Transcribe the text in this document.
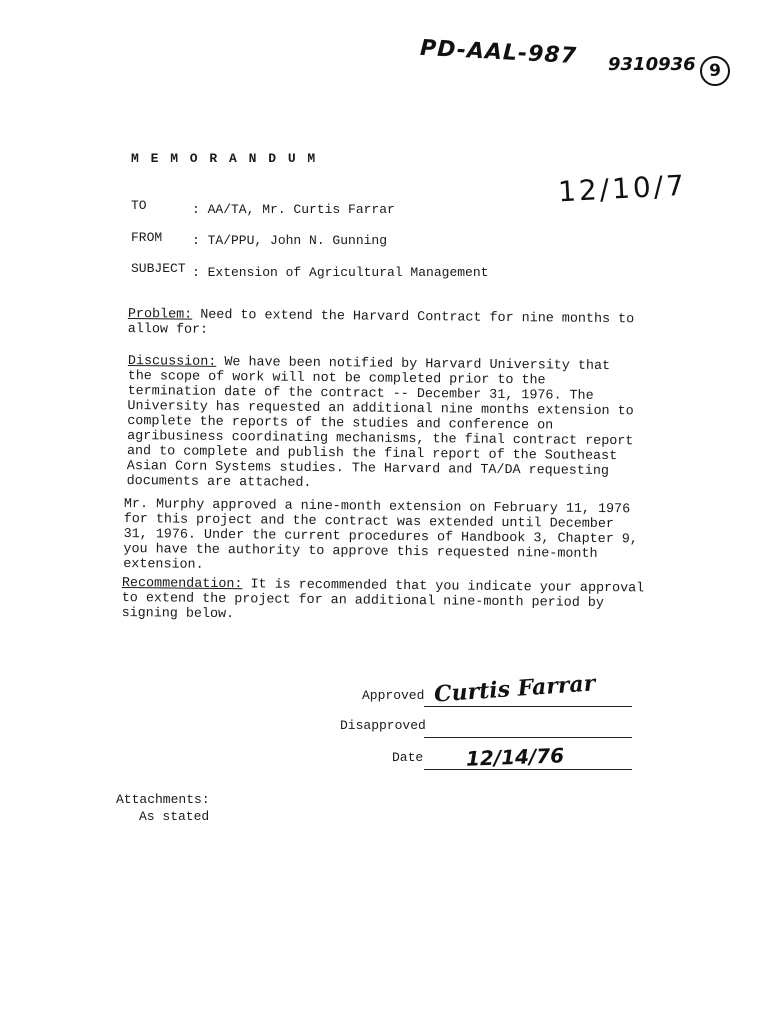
PD-AAL-987 9310936 9
12/10/7
M E M O R A N D U M
TO	: AA/TA, Mr. Curtis Farrar
FROM : TA/PPU, John N. Gunning
SUBJECT : Extension of Agricultural Management
Problem: Need to extend the Harvard Contract for nine months to allow for:
Discussion: We have been notified by Harvard University that the scope of work will not be completed prior to the termination date of the contract -- December 31, 1976. The University has requested an additional nine months extension to complete the reports of the studies and conference on agribusiness coordinating mechanisms, the final contract report and to complete and publish the final report of the Southeast Asian Corn Systems studies. The Harvard and TA/DA requesting documents are attached.
Mr. Murphy approved a nine-month extension on February 11, 1976 for this project and the contract was extended until December 31, 1976. Under the current procedures of Handbook 3, Chapter 9, you have the authority to approve this requested nine-month extension.
Recommendation: It is recommended that you indicate your approval to extend the project for an additional nine-month period by signing below.
Approved Curtis Farrar
Disapproved
Date 12/14/76
Attachments:
As stated
